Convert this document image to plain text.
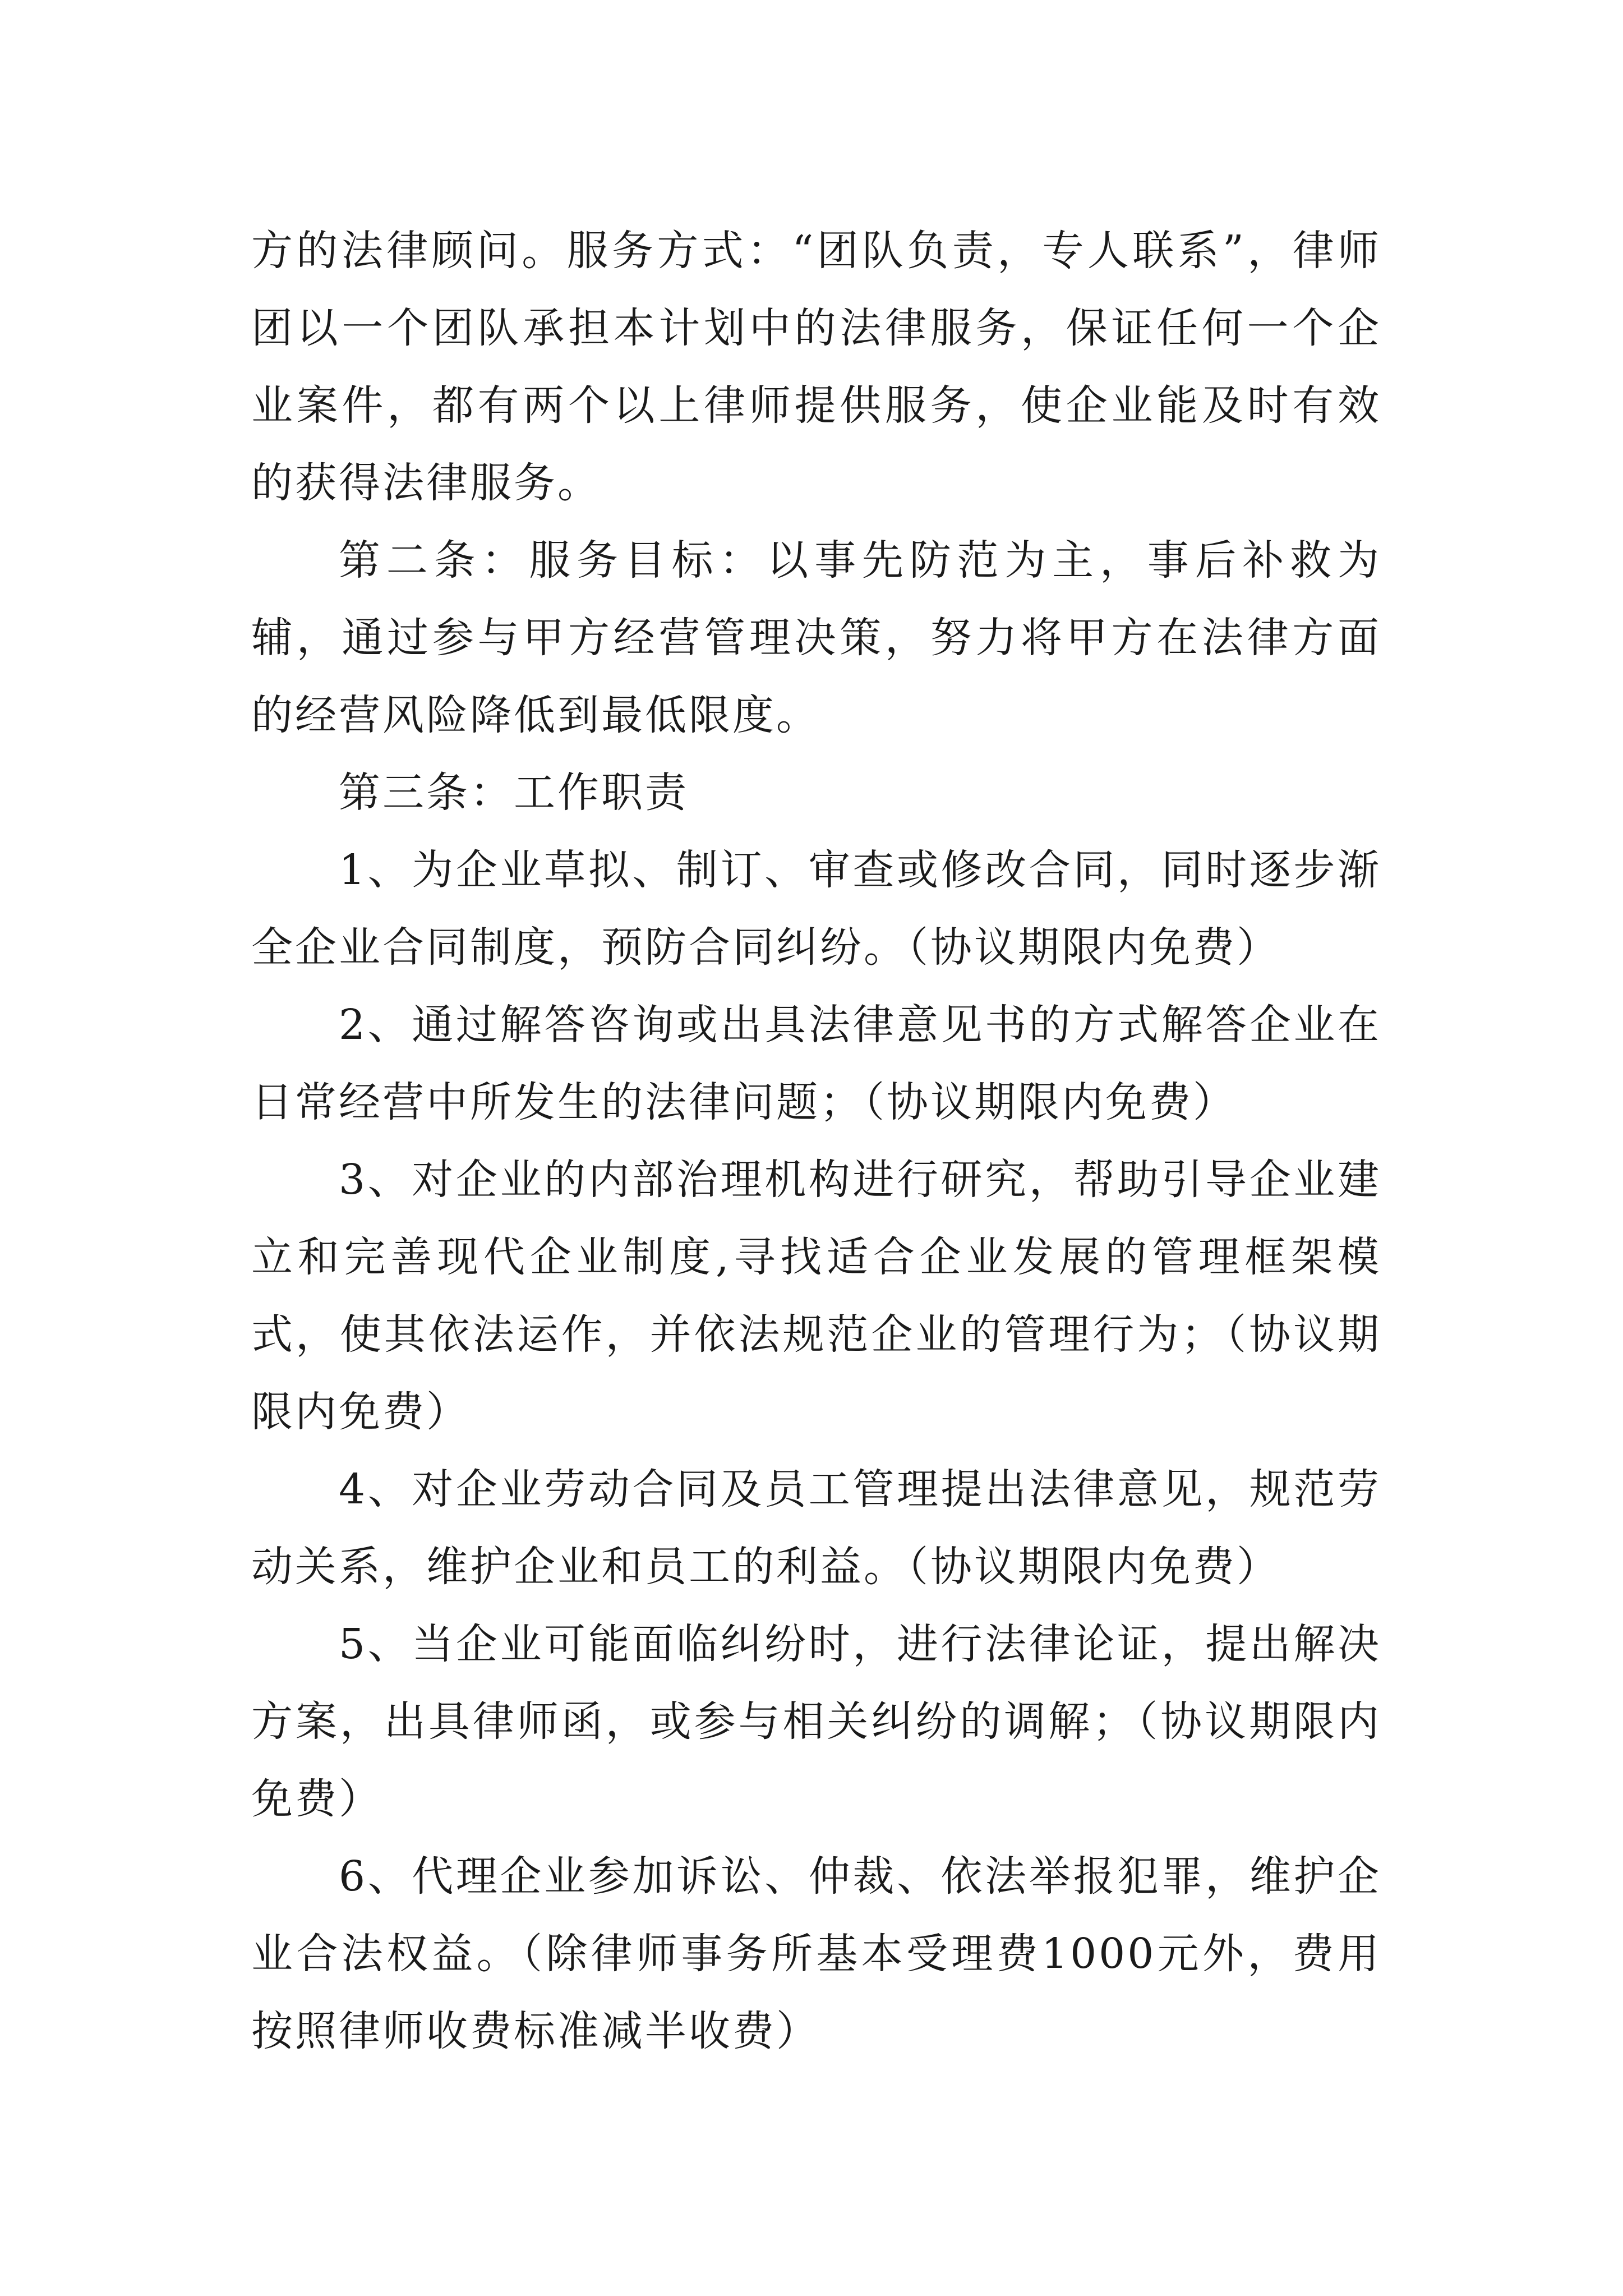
方的法律顾问。服务方式：“团队负责，专人联系”，律师团以一个团队承担本计划中的法律服务，保证任何一个企业案件，都有两个以上律师提供服务，使企业能及时有效的获得法律服务。

第二条：服务目标：以事先防范为主，事后补救为辅，通过参与甲方经营管理决策，努力将甲方在法律方面的经营风险降低到最低限度。

第三条：工作职责

1、为企业草拟、制订、审查或修改合同，同时逐步渐全企业合同制度，预防合同纠纷。（协议期限内免费）

2、通过解答咨询或出具法律意见书的方式解答企业在日常经营中所发生的法律问题；（协议期限内免费）

3、对企业的内部治理机构进行研究，帮助引导企业建立和完善现代企业制度,寻找适合企业发展的管理框架模式，使其依法运作，并依法规范企业的管理行为；（协议期限内免费）

4、对企业劳动合同及员工管理提出法律意见，规范劳动关系，维护企业和员工的利益。（协议期限内免费）

5、当企业可能面临纠纷时，进行法律论证，提出解决方案，出具律师函，或参与相关纠纷的调解；（协议期限内免费）

6、代理企业参加诉讼、仲裁、依法举报犯罪，维护企业合法权益。（除律师事务所基本受理费1000元外，费用按照律师收费标准减半收费）
